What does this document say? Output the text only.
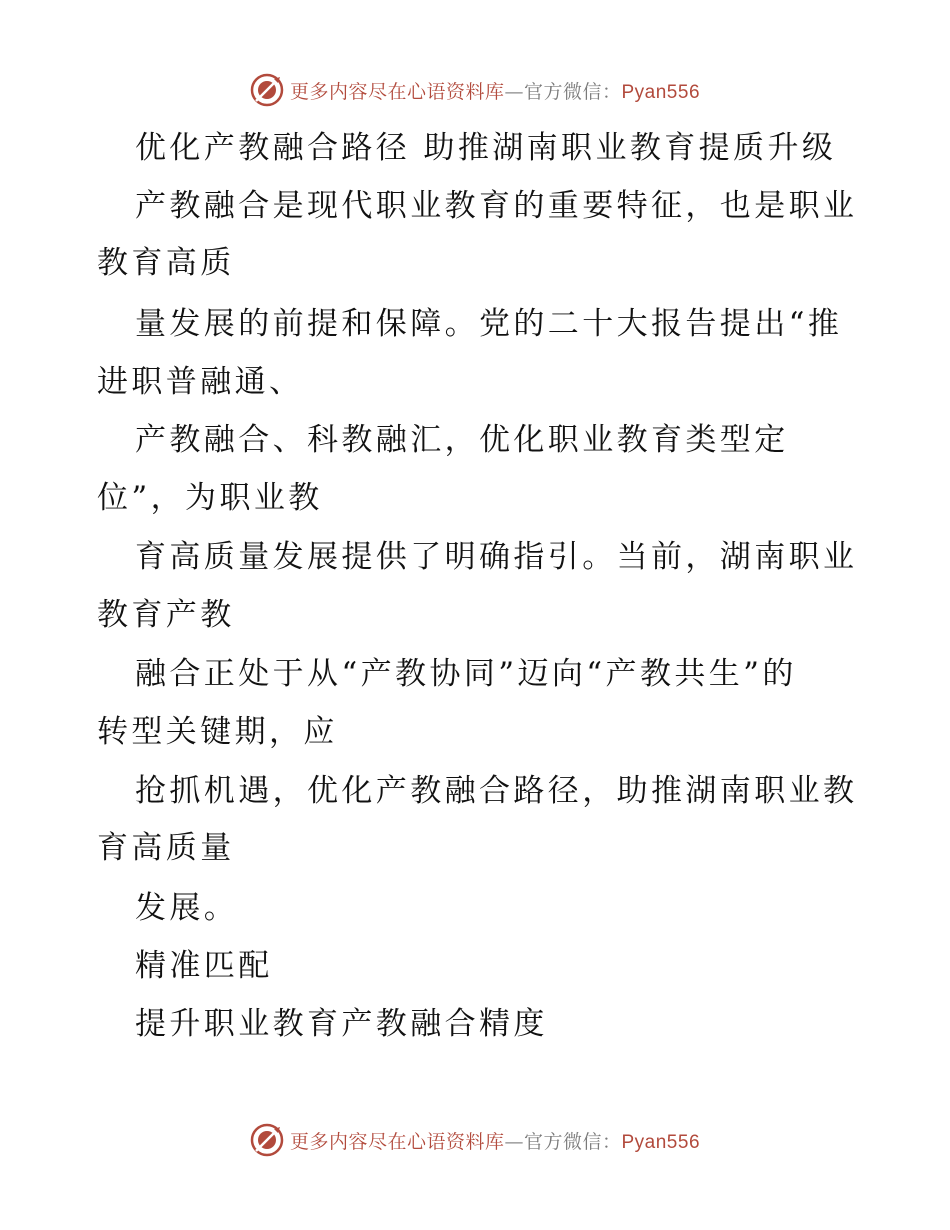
更多内容尽在心语资料库—官方微信：Pyan556
优化产教融合路径 助推湖南职业教育提质升级
产教融合是现代职业教育的重要特征，也是职业
教育高质
量发展的前提和保障。党的二十大报告提出“推
进职普融通、
产教融合、科教融汇，优化职业教育类型定
位”，为职业教
育高质量发展提供了明确指引。当前，湖南职业
教育产教
融合正处于从“产教协同”迈向“产教共生”的
转型关键期，应
抢抓机遇，优化产教融合路径，助推湖南职业教
育高质量
发展。
精准匹配
提升职业教育产教融合精度
更多内容尽在心语资料库—官方微信：Pyan556
